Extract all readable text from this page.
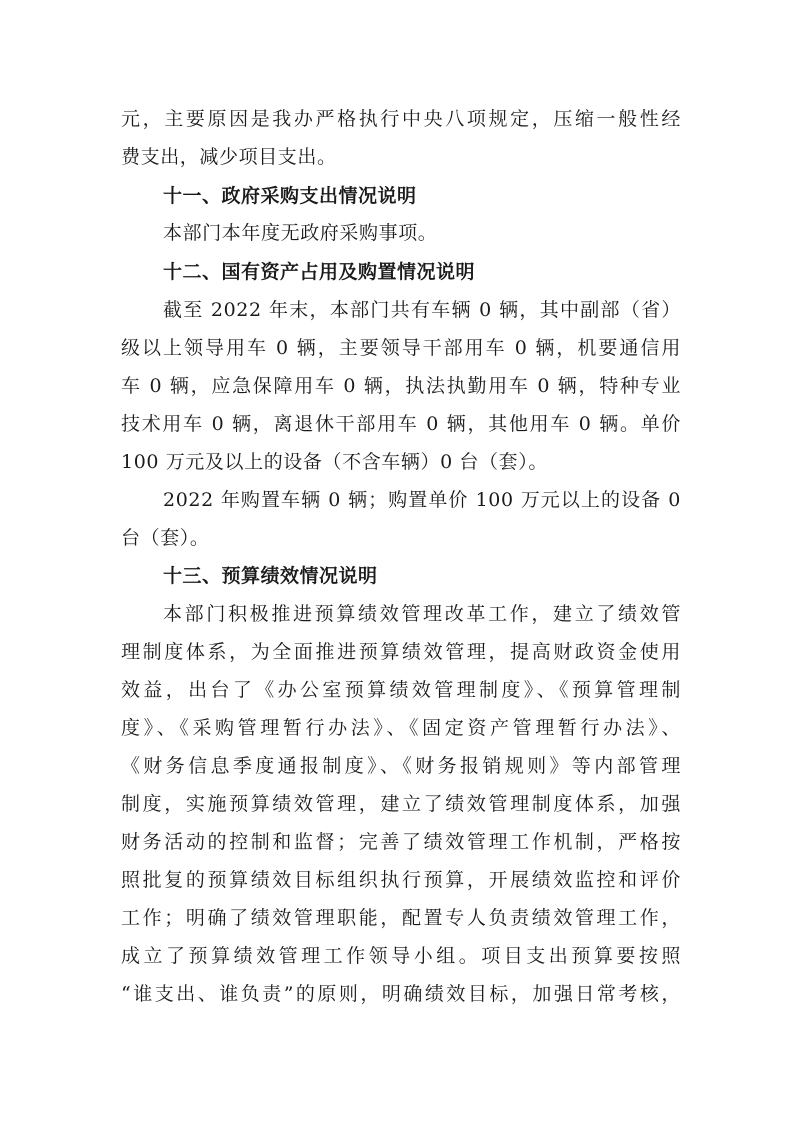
元，主要原因是我办严格执行中央八项规定，压缩一般性经
费支出，减少项目支出。
十一、政府采购支出情况说明
本部门本年度无政府采购事项。
十二、国有资产占用及购置情况说明
截至 2022 年末，本部门共有车辆 0 辆，其中副部（省）
级以上领导用车 0 辆，主要领导干部用车 0 辆，机要通信用
车 0 辆，应急保障用车 0 辆，执法执勤用车 0 辆，特种专业
技术用车 0 辆，离退休干部用车 0 辆，其他用车 0 辆。单价
100 万元及以上的设备（不含车辆）0 台（套）。
2022 年购置车辆 0 辆；购置单价 100 万元以上的设备 0
台（套）。
十三、预算绩效情况说明
本部门积极推进预算绩效管理改革工作，建立了绩效管
理制度体系，为全面推进预算绩效管理，提高财政资金使用
效益，出台了《办公室预算绩效管理制度》、《预算管理制
度》、《采购管理暂行办法》、《固定资产管理暂行办法》、
《财务信息季度通报制度》、《财务报销规则》等内部管理
制度，实施预算绩效管理，建立了绩效管理制度体系，加强
财务活动的控制和监督；完善了绩效管理工作机制，严格按
照批复的预算绩效目标组织执行预算，开展绩效监控和评价
工作；明确了绩效管理职能，配置专人负责绩效管理工作，
成立了预算绩效管理工作领导小组。项目支出预算要按照
“谁支出、谁负责”的原则，明确绩效目标，加强日常考核，
